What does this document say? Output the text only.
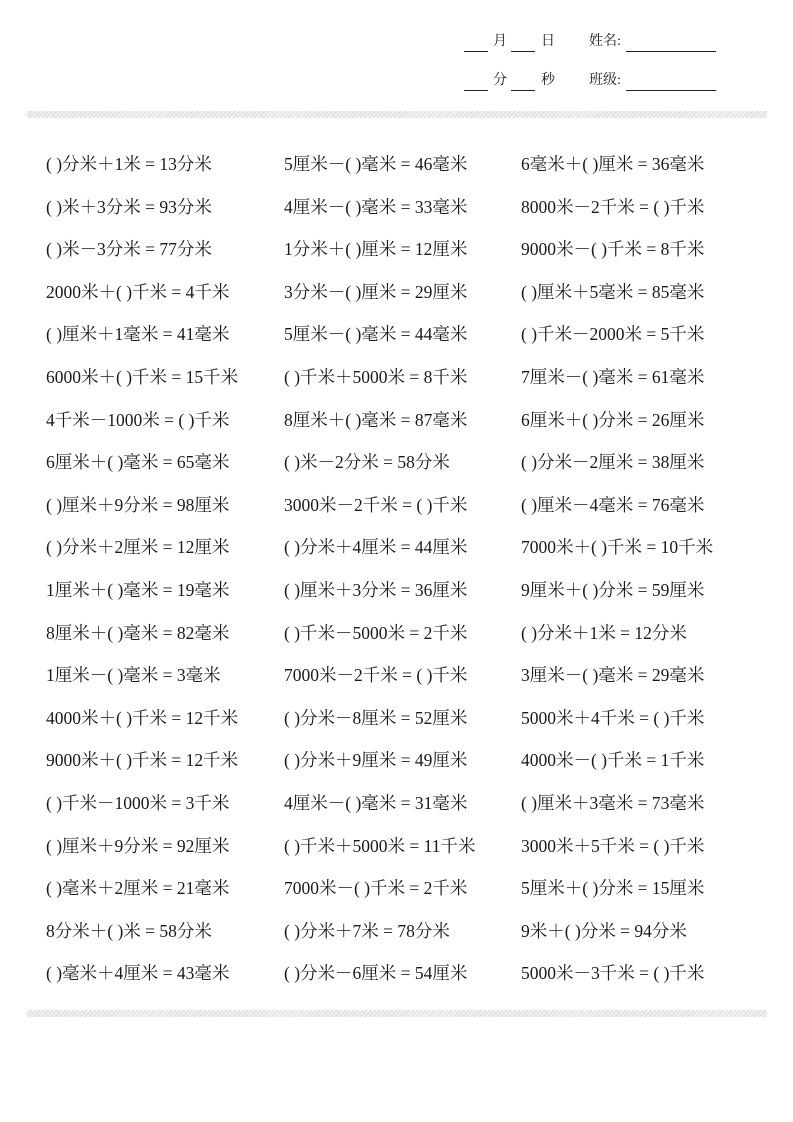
月 日 姓名:
分 秒 班级:
( )分米＋1米 = 13分米	5厘米－( )毫米 = 46毫米	6毫米＋( )厘米 = 36毫米
( )米＋3分米 = 93分米	4厘米－( )毫米 = 33毫米	8000米－2千米 = ( )千米
( )米－3分米 = 77分米	1分米＋( )厘米 = 12厘米	9000米－( )千米 = 8千米
2000米＋( )千米 = 4千米	3分米－( )厘米 = 29厘米	( )厘米＋5毫米 = 85毫米
( )厘米＋1毫米 = 41毫米	5厘米－( )毫米 = 44毫米	( )千米－2000米 = 5千米
6000米＋( )千米 = 15千米	( )千米＋5000米 = 8千米	7厘米－( )毫米 = 61毫米
4千米－1000米 = ( )千米	8厘米＋( )毫米 = 87毫米	6厘米＋( )分米 = 26厘米
6厘米＋( )毫米 = 65毫米	( )米－2分米 = 58分米	( )分米－2厘米 = 38厘米
( )厘米＋9分米 = 98厘米	3000米－2千米 = ( )千米	( )厘米－4毫米 = 76毫米
( )分米＋2厘米 = 12厘米	( )分米＋4厘米 = 44厘米	7000米＋( )千米 = 10千米
1厘米＋( )毫米 = 19毫米	( )厘米＋3分米 = 36厘米	9厘米＋( )分米 = 59厘米
8厘米＋( )毫米 = 82毫米	( )千米－5000米 = 2千米	( )分米＋1米 = 12分米
1厘米－( )毫米 = 3毫米	7000米－2千米 = ( )千米	3厘米－( )毫米 = 29毫米
4000米＋( )千米 = 12千米	( )分米－8厘米 = 52厘米	5000米＋4千米 = ( )千米
9000米＋( )千米 = 12千米	( )分米＋9厘米 = 49厘米	4000米－( )千米 = 1千米
( )千米－1000米 = 3千米	4厘米－( )毫米 = 31毫米	( )厘米＋3毫米 = 73毫米
( )厘米＋9分米 = 92厘米	( )千米＋5000米 = 11千米	3000米＋5千米 = ( )千米
( )毫米＋2厘米 = 21毫米	7000米－( )千米 = 2千米	5厘米＋( )分米 = 15厘米
8分米＋( )米 = 58分米	( )分米＋7米 = 78分米	9米＋( )分米 = 94分米
( )毫米＋4厘米 = 43毫米	( )分米－6厘米 = 54厘米	5000米－3千米 = ( )千米
